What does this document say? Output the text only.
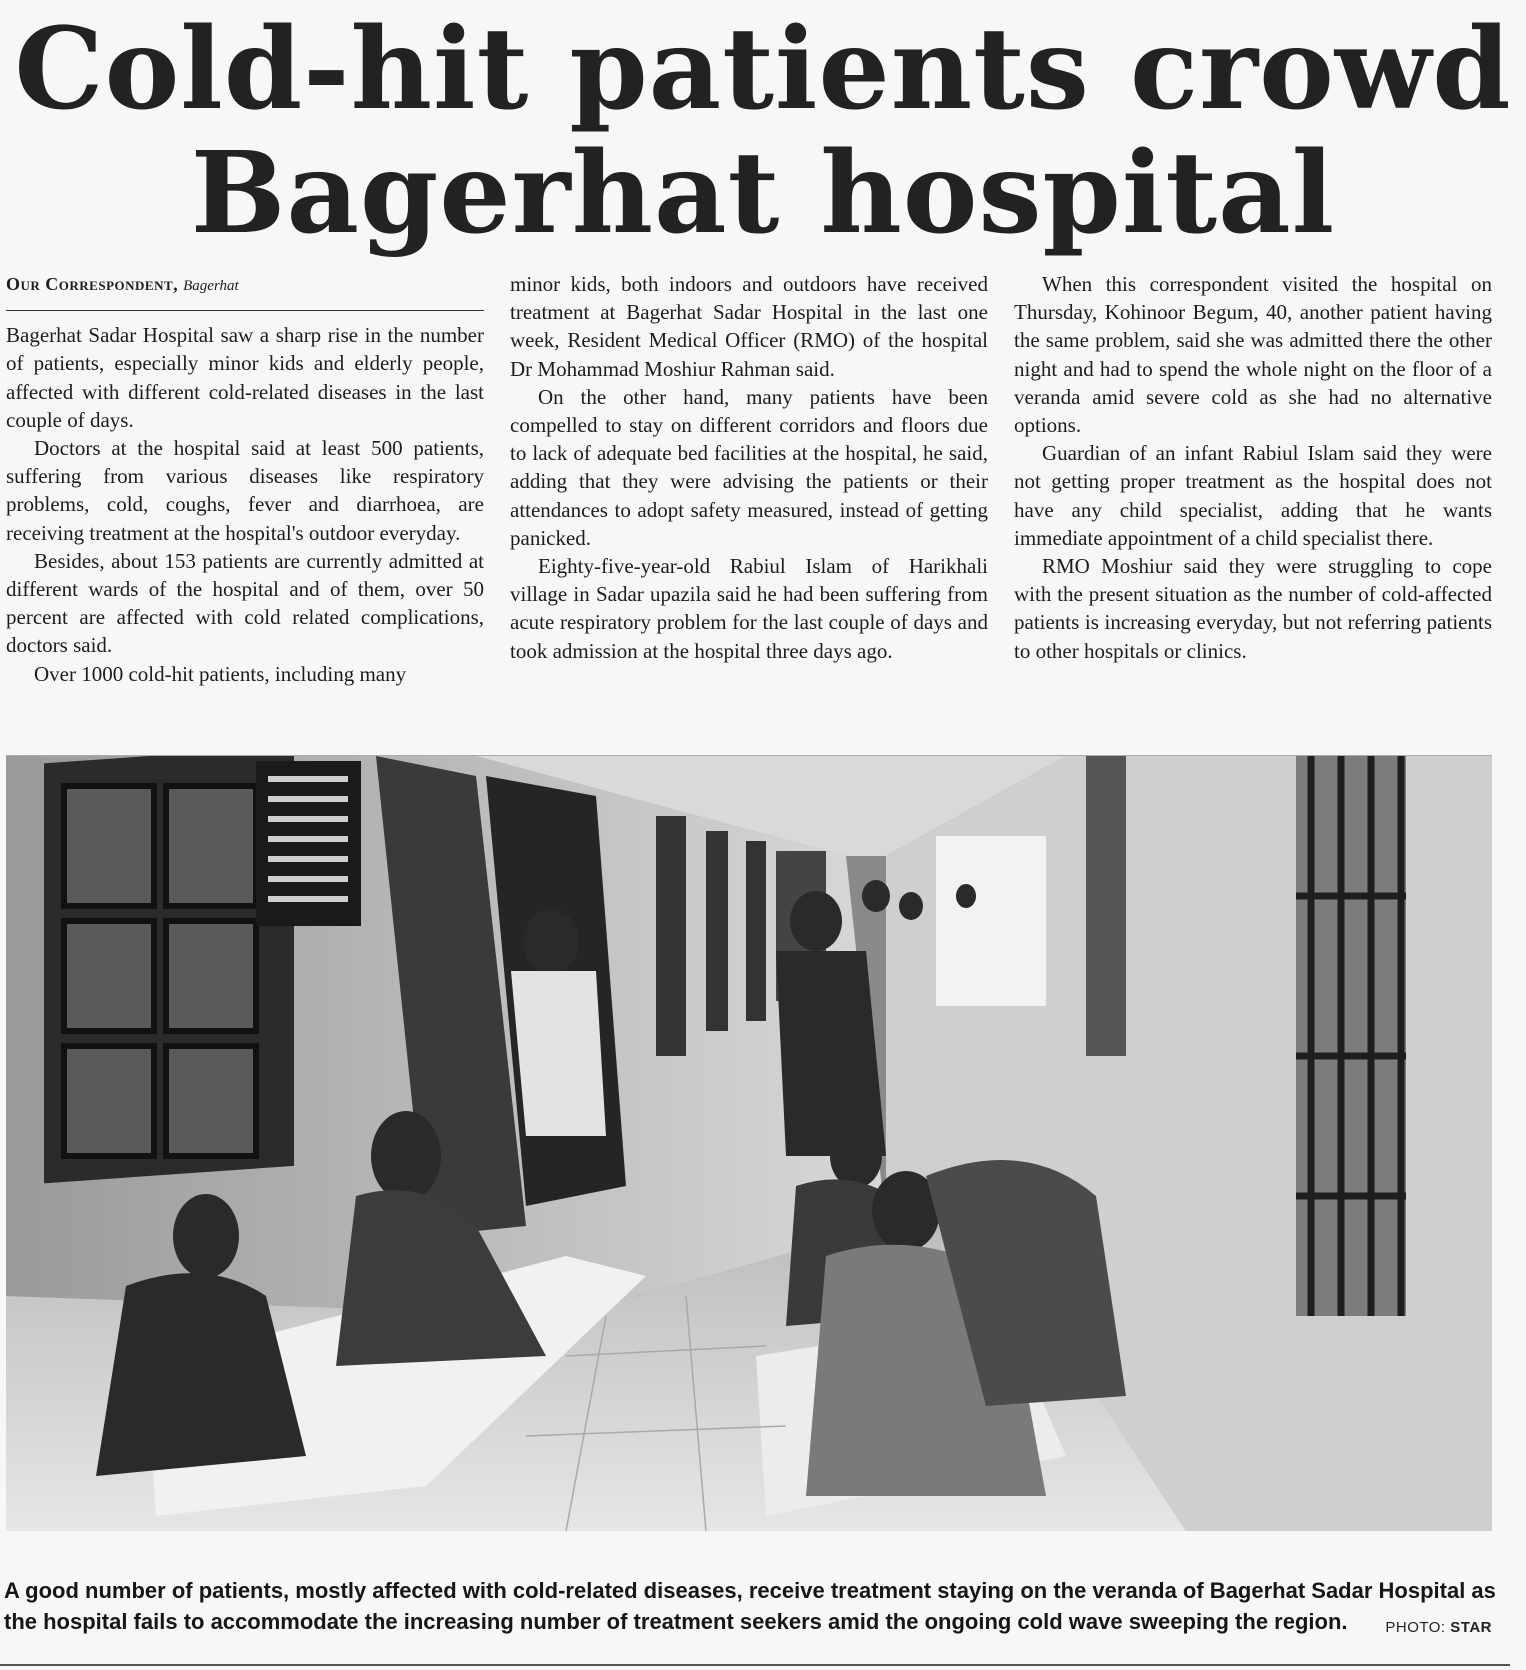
Cold-hit patients crowd
Bagerhat hospital
Our Correspondent, Bagerhat

Bagerhat Sadar Hospital saw a sharp rise in the number of patients, especially minor kids and elderly people, affected with different cold-related diseases in the last couple of days.

Doctors at the hospital said at least 500 patients, suffering from various diseases like respiratory problems, cold, coughs, fever and diarrhoea, are receiving treatment at the hospital's outdoor everyday.

Besides, about 153 patients are currently admitted at different wards of the hospital and of them, over 50 percent are affected with cold related complications, doctors said.

Over 1000 cold-hit patients, including many

minor kids, both indoors and outdoors have received treatment at Bagerhat Sadar Hospital in the last one week, Resident Medical Officer (RMO) of the hospital Dr Mohammad Moshiur Rahman said.

On the other hand, many patients have been compelled to stay on different corridors and floors due to lack of adequate bed facilities at the hospital, he said, adding that they were advising the patients or their attendances to adopt safety measured, instead of getting panicked.

Eighty-five-year-old Rabiul Islam of Harikhali village in Sadar upazila said he had been suffering from acute respiratory problem for the last couple of days and took admission at the hospital three days ago.

When this correspondent visited the hospital on Thursday, Kohinoor Begum, 40, another patient having the same problem, said she was admitted there the other night and had to spend the whole night on the floor of a veranda amid severe cold as she had no alternative options.

Guardian of an infant Rabiul Islam said they were not getting proper treatment as the hospital does not have any child specialist, adding that he wants immediate appointment of a child specialist there.

RMO Moshiur said they were struggling to cope with the present situation as the number of cold-affected patients is increasing everyday, but not referring patients to other hospitals or clinics.

A good number of patients, mostly affected with cold-related diseases, receive treatment staying on the veranda of Bagerhat Sadar Hospital as the hospital fails to accommodate the increasing number of treatment seekers amid the ongoing cold wave sweeping the region.	PHOTO: STAR
